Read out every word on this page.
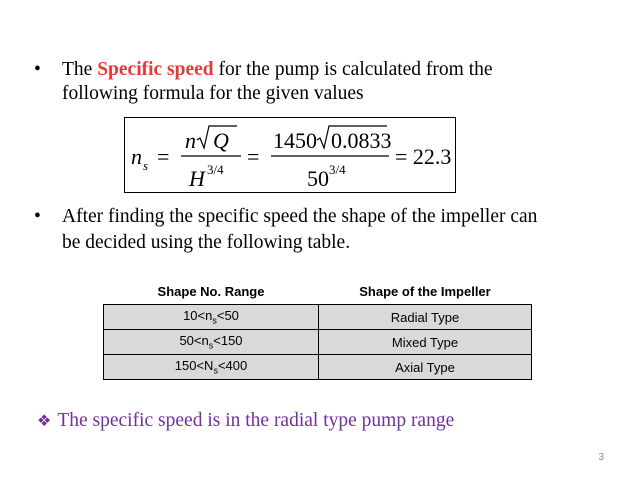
• The Specific speed for the pump is calculated from the
following formula for the given values
n s =
n Q
H 3/4
=
1450 0.0833
50 3/4
= 22.3
• After finding the specific speed the shape of the impeller can
be decided using the following table.
Shape No. Range	Shape of the Impeller
$10<n_s<50$	Radial Type
$50<n_s<150$	Mixed Type
$150<N_s<400$	Axial Type
❖ The specific speed is in the radial type pump range
3
